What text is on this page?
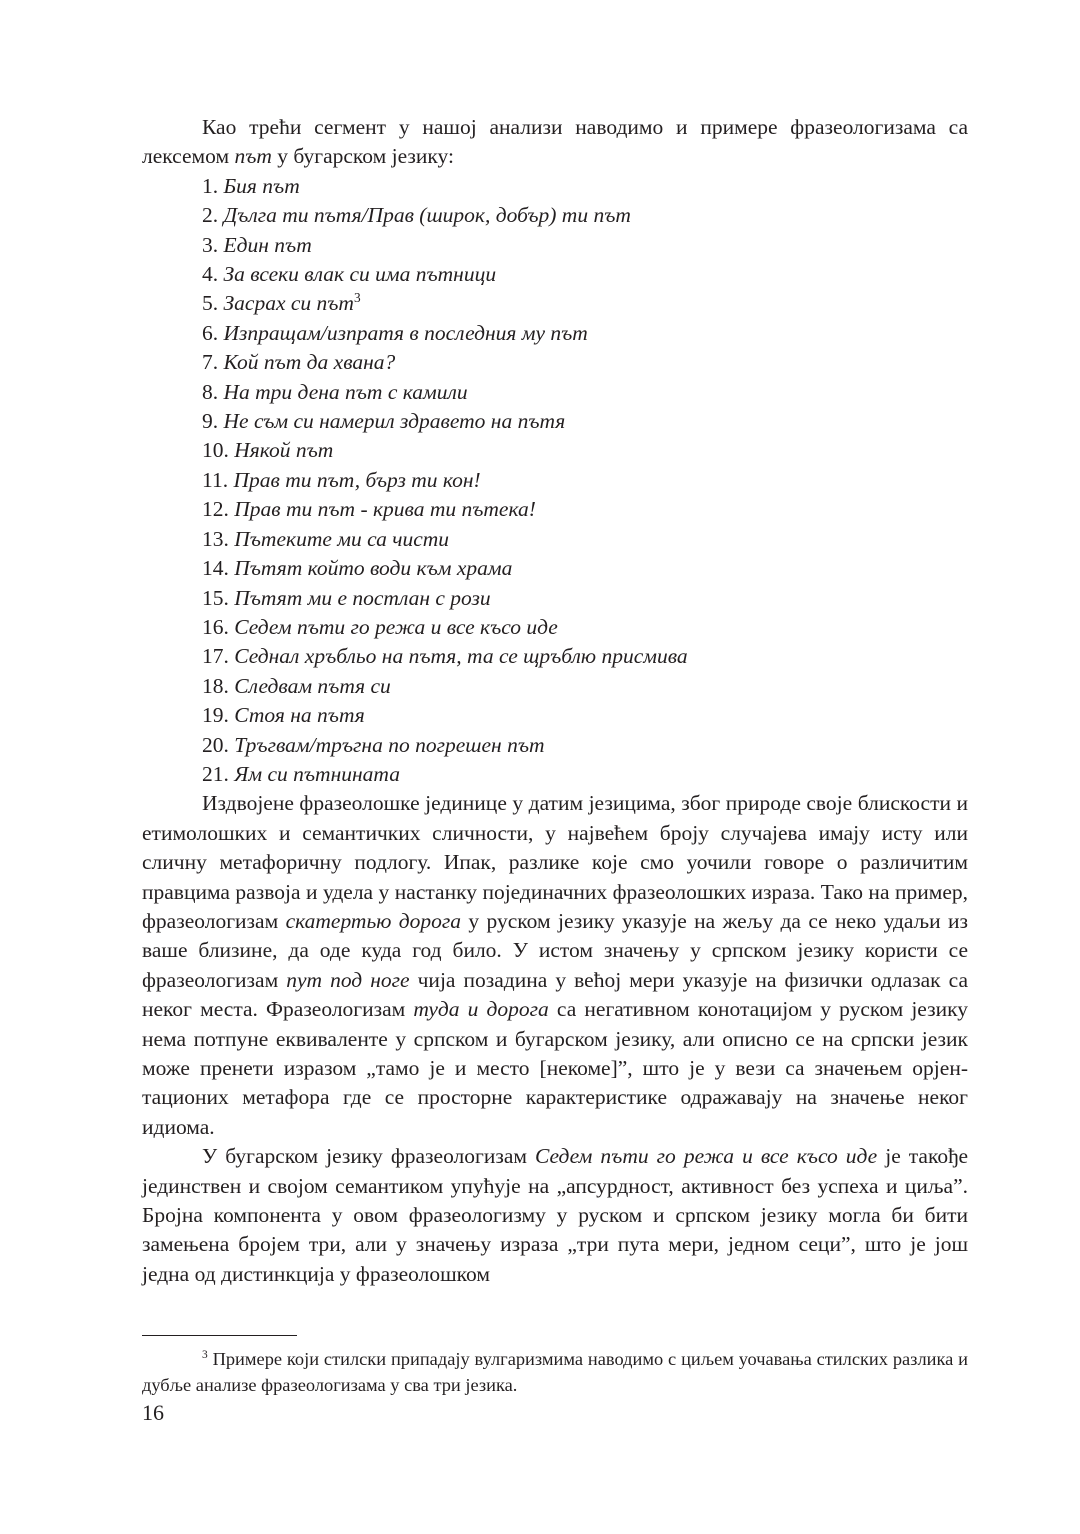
Као трећи сегмент у нашој анализи наводимо и примере фразеологизама са лексемом път у бугарском језику:

1. Бия път
2. Дълга ти пътя/Прав (широк, добър) ти път
3. Един път
4. За всеки влак си има пътници
5. Засрах си път$^3$
6. Изпращам/изпратя в последния му път
7. Кой път да хвана?
8. На три дена път с камили
9. Не съм си намерил здравето на пътя
10. Някой път
11. Прав ти път, бърз ти кон!
12. Прав ти път - крива ти пътека!
13. Пътеките ми са чисти
14. Пътят който води към храма
15. Пътят ми е постлан с рози
16. Седем пъти го режа и все късо иде
17. Седнал хръбльо на пътя, та се щръблю присмива
18. Следвам пътя си
19. Стоя на пътя
20. Тръгвам/тръгна по погрешен път
21. Ям си пътнината

Издвојене фразеолошке јединице у датим језицима, због природе своје блискости и етимолошких и семантичких сличности, у највећем броју случајева имају исту или сличну метафоричну подлогу. Ипак, разлике које смо уочили говоре о различитим правцима развоја и удела у настанку појединачних фразеолошких израза. Тако на пример, фразеологизам скатертью дорога у руском језику указује на жељу да се неко удаљи из ваше близине, да оде куда год било. У истом значењу у српском језику користи се фразеологизам пут под ноге чија позадина у већој мери указује на физички одлазак са неког места. Фразеологизам туда и дорога са негативном конотацијом у руском језику нема потпуне еквиваленте у српском и бугарском језику, али описно се на српски језик може пренети изразом „тамо је и место [некоме]”, што је у вези са значењем орјентационих метафора где се просторне карактеристике одражавају на значење неког идиома.

У бугарском језику фразеологизам Седем пъти го режа и все късо иде је такође јединствен и својом семантиком упућује на „апсурдност, активност без успеха и циља”. Бројна компонента у овом фразеологизму у руском и српском језику могла би бити замењена бројем три, али у значењу израза „три пута мери, једном сеци”, што је још једна од дистинкција у фразеолошком

$^3$ Примере који стилски припадају вулгаризмима наводимо с циљем уочавања стилских разлика и дубље анализе фразеологизама у сва три језика.

16
